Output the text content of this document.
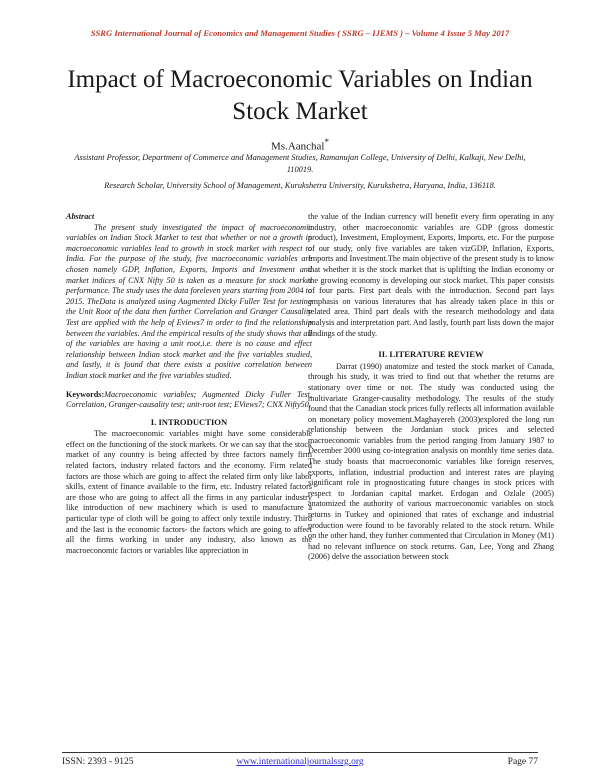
SSRG International Journal of Economics and Management Studies ( SSRG – IJEMS ) – Volume 4 Issue 5 May 2017
Impact of Macroeconomic Variables on Indian Stock Market
Ms.Aanchal*
Assistant Professor, Department of Commerce and Management Studies, Ramanujan College, University of Delhi, Kalkaji, New Delhi, 110019.
Research Scholar, University School of Management, Kurukshetra University, Kurukshetra, Haryana, India, 136118.

Abstract

The present study investigated the impact of macroeconomic variables on Indian Stock Market to test that whether or not a growth in macroeconomic variables lead to growth in stock market with respect to India. For the purpose of the study, five macroeconomic variables are chosen namely GDP, Inflation, Exports, Imports and Investment and market indices of CNX Nifty 50 is taken as a measure for stock market performance. The study uses the data foreleven years starting from 2004 to 2015. TheData is analyzed using Augmented Dicky Fuller Test for testing the Unit Root of the data then further Correlation and Granger Causality Test are applied with the help of Eviews7 in order to find the relationship between the variables. And the empirical results of the study shows that all of the variables are having a unit root,i.e. there is no cause and effect relationship between Indian stock market and the five variables studied, and lastly, it is found that there exists a positive correlation between Indian stock market and the five variables studied.

Keywords:Macroeconomic variables; Augmented Dicky Fuller Test, Correlation, Granger-causality test; unit-root test; EViews7; CNX Nifty50.

I. INTRODUCTION

The macroeconomic variables might have some considerable effect on the functioning of the stock markets. Or we can say that the stock market of any country is being affected by three factors namely firm related factors, industry related factors and the economy. Firm related factors are those which are going to affect the related firm only like labor skills, extent of finance available to the firm, etc. Industry related factors are those who are going to affect all the firms in any particular industry like introduction of new machinery which is used to manufacture a particular type of cloth will be going to affect only textile industry. Third and the last is the economic factors- the factors which are going to affect all the firms working in under any industry, also known as the macroeconomic factors or variables like appreciation in

the value of the Indian currency will benefit every firm operating in any industry, other macroeconomic variables are GDP (gross domestic product), Investment, Employment, Exports, Imports, etc. For the purpose of our study, only five variables are taken vizGDP, Inflation, Exports, Imports and Investment.The main objective of the present study is to know that whether it is the stock market that is uplifting the Indian economy or the growing economy is developing our stock market. This paper consists of four parts. First part deals with the introduction. Second part lays emphasis on various literatures that has already taken place in this or related area. Third part deals with the research methodology and data analysis and interpretation part. And lastly, fourth part lists down the major findings of the study.

II. LITERATURE REVIEW

Darrat (1990) anatomize and tested the stock market of Canada, through his study, it was tried to find out that whether the returns are stationary over time or not. The study was conducted using the multivariate Granger-causality methodology. The results of the study found that the Canadian stock prices fully reflects all information available on monetary policy movement.Maghayereh (2003)explored the long run relationship between the Jordanian stock prices and selected macroeconomic variables from the period ranging from January 1987 to December 2000 using co-integration analysis on monthly time series data. The study boasts that macroeconomic variables like foreign reserves, exports, inflation, industrial production and interest rates are playing significant role in prognosticating future changes in stock prices with respect to Jordanian capital market. Erdogan and Ozlale (2005) anatomized the authority of various macroeconomic variables on stock returns in Turkey and opinioned that rates of exchange and industrial production were found to be favorably related to the stock return. While on the other hand, they further commented that Circulation in Money (M1) had no relevant influence on stock returns. Gan, Lee, Yong and Zhang (2006) delve the association between stock

ISSN: 2393 - 9125	www.internationaljournalssrg.org	Page 77
